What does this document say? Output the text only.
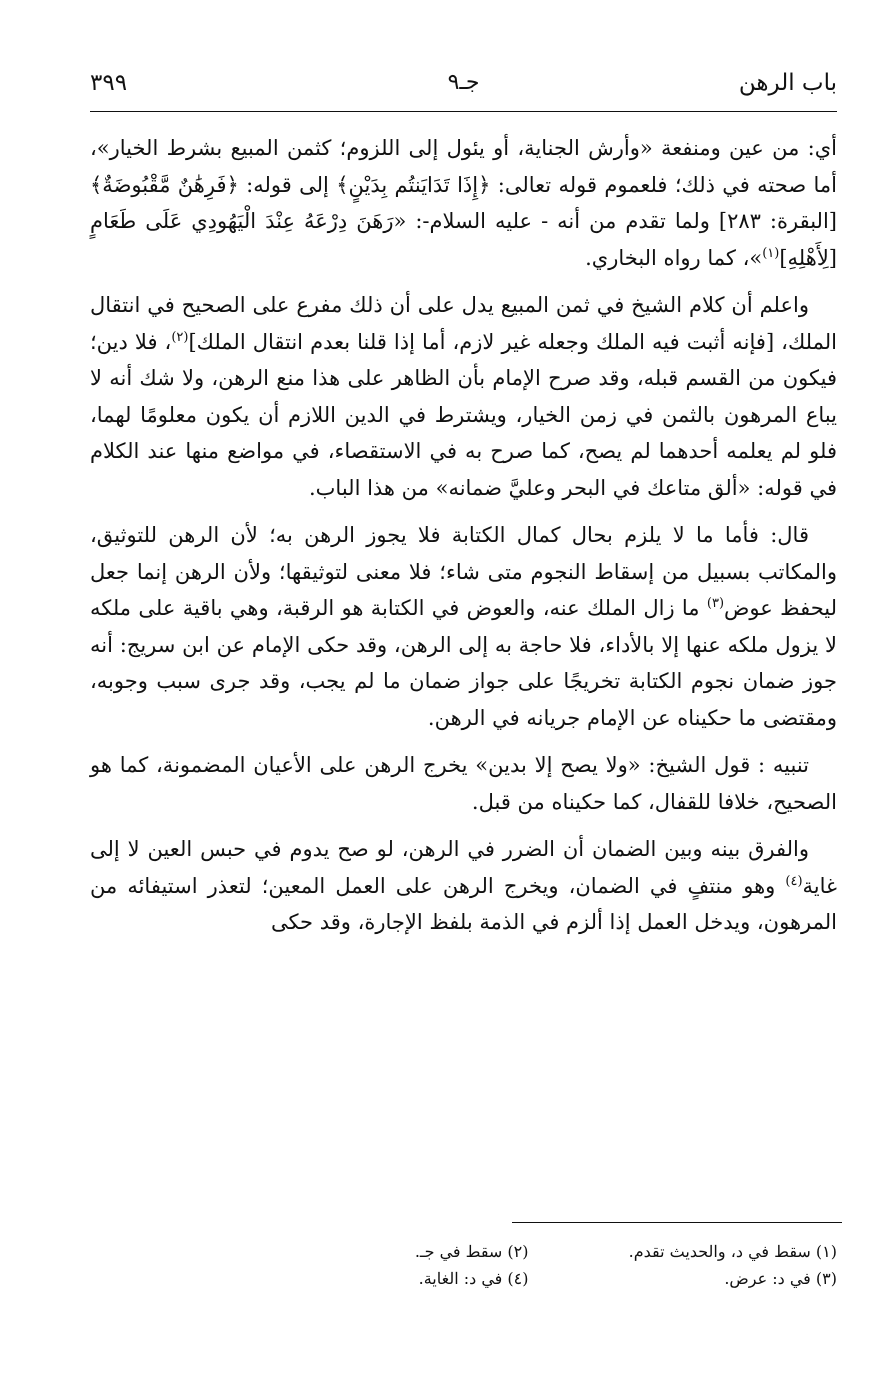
باب الرهن
جـ٩
٣٩٩

أي: من عين ومنفعة «وأرش الجناية، أو يئول إلى اللزوم؛ كثمن المبيع بشرط الخيار»، أما صحته في ذلك؛ فلعموم قوله تعالى: ﴿إِذَا تَدَايَنتُم بِدَيْنٍ﴾ إلى قوله: ﴿فَرِهَٰنٌ مَّقْبُوضَةٌ﴾ [البقرة: ٢٨٣] ولما تقدم من أنه - عليه السلام-: «رَهَنَ دِرْعَهُ عِنْدَ الْيَهُودِي عَلَى طَعَامٍ [لِأَهْلِهِ]$^{(١)}$»، كما رواه البخاري.

واعلم أن كلام الشيخ في ثمن المبيع يدل على أن ذلك مفرع على الصحيح في انتقال الملك، [فإنه أثبت فيه الملك وجعله غير لازم، أما إذا قلنا بعدم انتقال الملك]$^{(٢)}$، فلا دين؛ فيكون من القسم قبله، وقد صرح الإمام بأن الظاهر على هذا منع الرهن، ولا شك أنه لا يباع المرهون بالثمن في زمن الخيار، ويشترط في الدين اللازم أن يكون معلومًا لهما، فلو لم يعلمه أحدهما لم يصح، كما صرح به في الاستقصاء، في مواضع منها عند الكلام في قوله: «ألق متاعك في البحر وعليَّ ضمانه» من هذا الباب.

قال: فأما ما لا يلزم بحال كمال الكتابة فلا يجوز الرهن به؛ لأن الرهن للتوثيق، والمكاتب بسبيل من إسقاط النجوم متى شاء؛ فلا معنى لتوثيقها؛ ولأن الرهن إنما جعل ليحفظ عوض$^{(٣)}$ ما زال الملك عنه، والعوض في الكتابة هو الرقبة، وهي باقية على ملكه لا يزول ملكه عنها إلا بالأداء، فلا حاجة به إلى الرهن، وقد حكى الإمام عن ابن سريج: أنه جوز ضمان نجوم الكتابة تخريجًا على جواز ضمان ما لم يجب، وقد جرى سبب وجوبه، ومقتضى ما حكيناه عن الإمام جريانه في الرهن.

تنبيه : قول الشيخ: «ولا يصح إلا بدين» يخرج الرهن على الأعيان المضمونة، كما هو الصحيح، خلافا للقفال، كما حكيناه من قبل.

والفرق بينه وبين الضمان أن الضرر في الرهن، لو صح يدوم في حبس العين لا إلى غاية$^{(٤)}$ وهو منتفٍ في الضمان، ويخرج الرهن على العمل المعين؛ لتعذر استيفائه من المرهون، ويدخل العمل إذا ألزم في الذمة بلفظ الإجارة، وقد حكى

(١) سقط في د، والحديث تقدم.
(٢) سقط في جـ.
(٣) في د: عرض.
(٤) في د: الغاية.
